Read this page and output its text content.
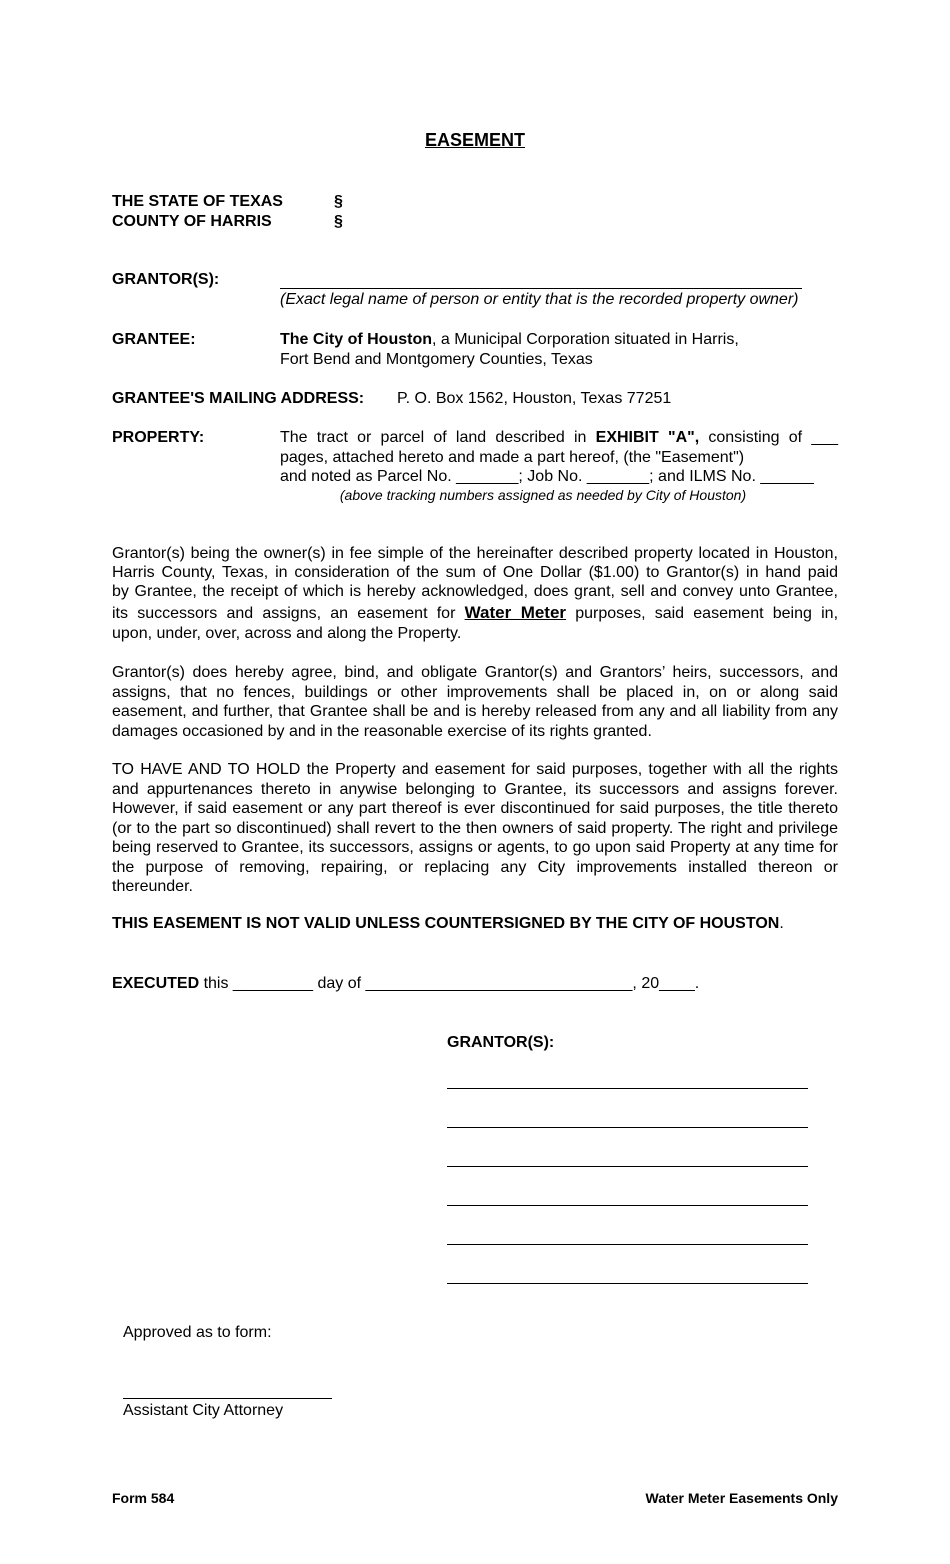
EASEMENT
THE STATE OF TEXAS	§
COUNTY OF HARRIS	§
GRANTOR(S):
(Exact legal name of person or entity that is the recorded property owner)
GRANTEE:	The City of Houston, a Municipal Corporation situated in Harris,
Fort Bend and Montgomery Counties, Texas
GRANTEE'S MAILING ADDRESS: P. O. Box 1562, Houston, Texas 77251
PROPERTY:	The tract or parcel of land described in EXHIBIT "A", consisting of ___
pages, attached hereto and made a part hereof, (the "Easement")
and noted as Parcel No. _______; Job No. _______; and ILMS No. ______
(above tracking numbers assigned as needed by City of Houston)
Grantor(s) being the owner(s) in fee simple of the hereinafter described property located in Houston,
Harris County, Texas, in consideration of the sum of One Dollar ($1.00) to Grantor(s) in hand paid
by Grantee, the receipt of which is hereby acknowledged, does grant, sell and convey unto Grantee,
its successors and assigns, an easement for Water Meter purposes, said easement being in,
upon, under, over, across and along the Property.
Grantor(s) does hereby agree, bind, and obligate Grantor(s) and Grantors’ heirs, successors, and assigns, that no fences, buildings or other improvements shall be placed in, on or along said easement, and further, that Grantee shall be and is hereby released from any and all liability from any damages occasioned by and in the reasonable exercise of its rights granted.
TO HAVE AND TO HOLD the Property and easement for said purposes, together with all the rights and appurtenances thereto in anywise belonging to Grantee, its successors and assigns forever. However, if said easement or any part thereof is ever discontinued for said purposes, the title thereto (or to the part so discontinued) shall revert to the then owners of said property. The right and privilege being reserved to Grantee, its successors, assigns or agents, to go upon said Property at any time for the purpose of removing, repairing, or replacing any City improvements installed thereon or thereunder.
THIS EASEMENT IS NOT VALID UNLESS COUNTERSIGNED BY THE CITY OF HOUSTON.
EXECUTED this _________ day of ______________________________, 20____.
GRANTOR(S):
Approved as to form:
Assistant City Attorney
Form 584	Water Meter Easements Only
